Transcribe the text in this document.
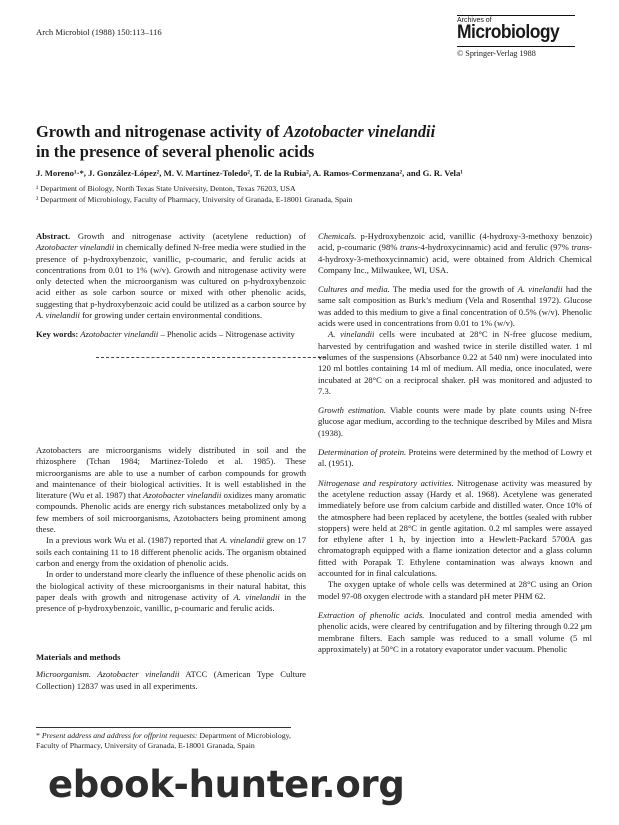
Arch Microbiol (1988) 150:113–116
Archives of
Microbiology
© Springer-Verlag 1988
Growth and nitrogenase activity of Azotobacter vinelandii
in the presence of several phenolic acids
J. Moreno¹·*, J. González-López², M. V. Martínez-Toledo², T. de la Rubia², A. Ramos-Cormenzana², and G. R. Vela¹
¹ Department of Biology, North Texas State University, Denton, Texas 76203, USA
² Department of Microbiology, Faculty of Pharmacy, University of Granada, E-18001 Granada, Spain

Abstract. Growth and nitrogenase activity (acetylene reduction) of Azotobacter vinelandii in chemically defined N-free media were studied in the presence of p-hydroxybenzoic, vanillic, p-coumaric, and ferulic acids at concentrations from 0.01 to 1% (w/v). Growth and nitrogenase activity were only detected when the microorganism was cultured on p-hydroxybenzoic acid either as sole carbon source or mixed with other phenolic acids, suggesting that p-hydroxybenzoic acid could be utilized as a carbon source by A. vinelandii for growing under certain environmental conditions.

Key words: Azotobacter vinelandii – Phenolic acids – Nitrogenase activity

Azotobacters are microorganisms widely distributed in soil and the rhizosphere (Tchan 1984; Martinez-Toledo et al. 1985). These microorganisms are able to use a number of carbon compounds for growth and maintenance of their biological activities. It is well established in the literature (Wu et al. 1987) that Azotobacter vinelandii oxidizes many aromatic compounds. Phenolic acids are energy rich substances metabolized only by a few members of soil microorganisms, Azotobacters being prominent among these.

In a previous work Wu et al. (1987) reported that A. vinelandii grew on 17 soils each containing 11 to 18 different phenolic acids. The organism obtained carbon and energy from the oxidation of phenolic acids.

In order to understand more clearly the influence of these phenolic acids on the biological activity of these microorganisms in their natural habitat, this paper deals with growth and nitrogenase activity of A. vinelandii in the presence of p-hydroxybenzoic, vanillic, p-coumaric and ferulic acids.

Materials and methods

Microorganism. Azotobacter vinelandii ATCC (American Type Culture Collection) 12837 was used in all experiments.

* Present address and address for offprint requests: Department of Microbiology, Faculty of Pharmacy, University of Granada, E-18001 Granada, Spain

Chemicals. p-Hydroxybenzoic acid, vanillic (4-hydroxy-3-methoxy benzoic) acid, p-coumaric (98% trans-4-hydroxycinnamic) acid and ferulic (97% trans-4-hydroxy-3-methoxycinnamic) acid, were obtained from Aldrich Chemical Company Inc., Milwaukee, WI, USA.

Cultures and media. The media used for the growth of A. vinelandii had the same salt composition as Burk’s medium (Vela and Rosenthal 1972). Glucose was added to this medium to give a final concentration of 0.5% (w/v). Phenolic acids were used in concentrations from 0.01 to 1% (w/v).

A. vinelandii cells were incubated at 28°C in N-free glucose medium, harvested by centrifugation and washed twice in sterile distilled water. 1 ml volumes of the suspensions (Absorbance 0.22 at 540 nm) were inoculated into 120 ml bottles containing 14 ml of medium. All media, once inoculated, were incubated at 28°C on a reciprocal shaker. pH was monitored and adjusted to 7.3.

Growth estimation. Viable counts were made by plate counts using N-free glucose agar medium, according to the technique described by Miles and Misra (1938).

Determination of protein. Proteins were determined by the method of Lowry et al. (1951).

Nitrogenase and respiratory activities. Nitrogenase activity was measured by the acetylene reduction assay (Hardy et al. 1968). Acetylene was generated immediately before use from calcium carbide and distilled water. Once 10% of the atmosphere had been replaced by acetylene, the bottles (sealed with rubber stoppers) were held at 28°C in gentle agitation. 0.2 ml samples were assayed for ethylene after 1 h, by injection into a Hewlett-Packard 5700A gas chromatograph equipped with a flame ionization detector and a glass column fitted with Porapak T. Ethylene contamination was always known and accounted for in final calculations.

The oxygen uptake of whole cells was determined at 28°C using an Orion model 97-08 oxygen electrode with a standard pH meter PHM 62.

Extraction of phenolic acids. Inoculated and control media amended with phenolic acids, were cleared by centrifugation and by filtering through 0.22 μm membrane filters. Each sample was reduced to a small volume (5 ml approximately) at 50°C in a rotatory evaporator under vacuum. Phenolic

ebook-hunter.org
